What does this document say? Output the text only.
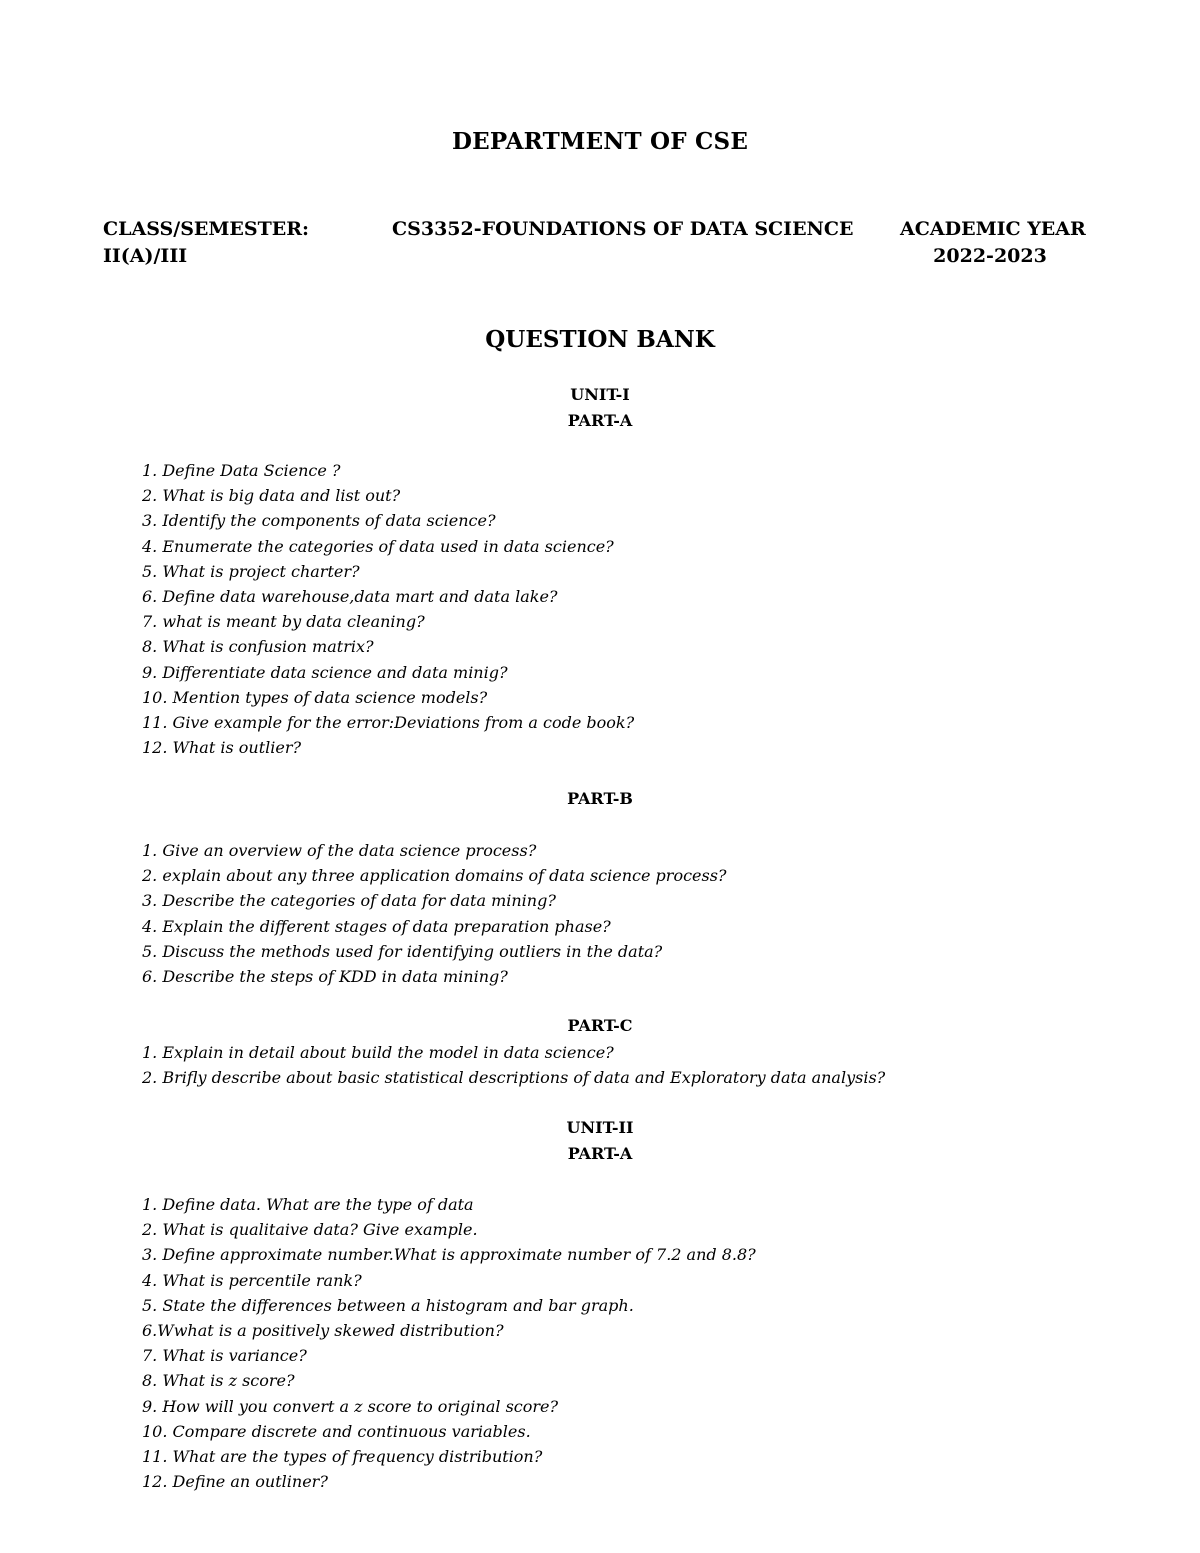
DEPARTMENT OF CSE
CLASS/SEMESTER:
II(A)/III
CS3352-FOUNDATIONS OF DATA SCIENCE ACADEMIC YEAR
2022-2023
QUESTION BANK
UNIT-I
PART-A
1. Define Data Science ?
2. What is big data and list out?
3. Identify the components of data science?
4. Enumerate the categories of data used in data science?
5. What is project charter?
6. Define data warehouse,data mart and data lake?
7. what is meant by data cleaning?
8. What is confusion matrix?
9. Differentiate data science and data minig?
10. Mention types of data science models?
11. Give example for the error:Deviations from a code book?
12. What is outlier?
PART-B
1. Give an overview of the data science process?
2. explain about any three application domains of data science process?
3. Describe the categories of data for data mining?
4. Explain the different stages of data preparation phase?
5. Discuss the methods used for identifying outliers in the data?
6. Describe the steps of KDD in data mining?
PART-C
1. Explain in detail about build the model in data science?
2. Brifly describe about basic statistical descriptions of data and Exploratory data analysis?
UNIT-II
PART-A
1. Define data. What are the type of data
2. What is qualitaive data? Give example.
3. Define approximate number.What is approximate number of 7.2 and 8.8?
4. What is percentile rank?
5. State the differences between a histogram and bar graph.
6.Wwhat is a positively skewed distribution?
7. What is variance?
8. What is z score?
9. How will you convert a z score to original score?
10. Compare discrete and continuous variables.
11. What are the types of frequency distribution?
12. Define an outliner?
